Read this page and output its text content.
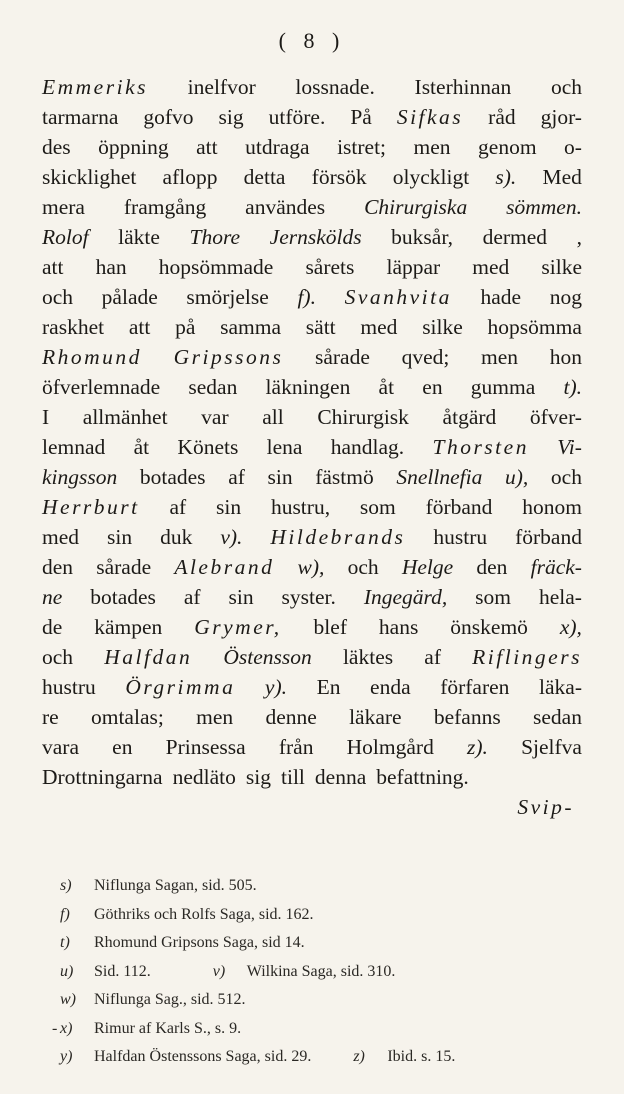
( 8 )
Emmeriks inelfvor lossnade. Isterhinnan och
tarmarna gofvo sig utföre. På Sifkas råd gjor-
des öppning att utdraga istret; men genom o-
skicklighet aflopp detta försök olyckligt s). Med
mera framgång användes Chirurgiska sömmen.
Rolof läkte Thore Jernskölds buksår, dermed ,
att han hopsömmade sårets läppar med silke
och pålade smörjelse f). Svanhvita hade nog
raskhet att på samma sätt med silke hopsömma
Rhomund Gripssons sårade qved; men hon
öfverlemnade sedan läkningen åt en gumma t).
I allmänhet var all Chirurgisk åtgärd öfver-
lemnad åt Könets lena handlag. Thorsten Vi-
kingsson botades af sin fästmö Snellnefia u), och
Herrburt af sin hustru, som förband honom
med sin duk v). Hildebrands hustru förband
den sårade Alebrand w), och Helge den fräck-
ne botades af sin syster. Ingegärd, som hela-
de kämpen Grymer, blef hans önskemö x),
och Halfdan Östensson läktes af Riflingers
hustru Örgrimma y). En enda förfaren läka-
re omtalas; men denne läkare befanns sedan
vara en Prinsessa från Holmgård z). Sjelfva
Drottningarna nedläto sig till denna befattning.
Svip-
s) Niflunga Sagan, sid. 505.
f) Göthriks och Rolfs Saga, sid. 162.
t) Rhomund Gripsons Saga, sid 14.
u) Sid. 112.	v) Wilkina Saga, sid. 310.
w) Niflunga Sag., sid. 512.
- x) Rimur af Karls S., s. 9.
y) Halfdan Östenssons Saga, sid. 29.	z) Ibid. s. 15.
